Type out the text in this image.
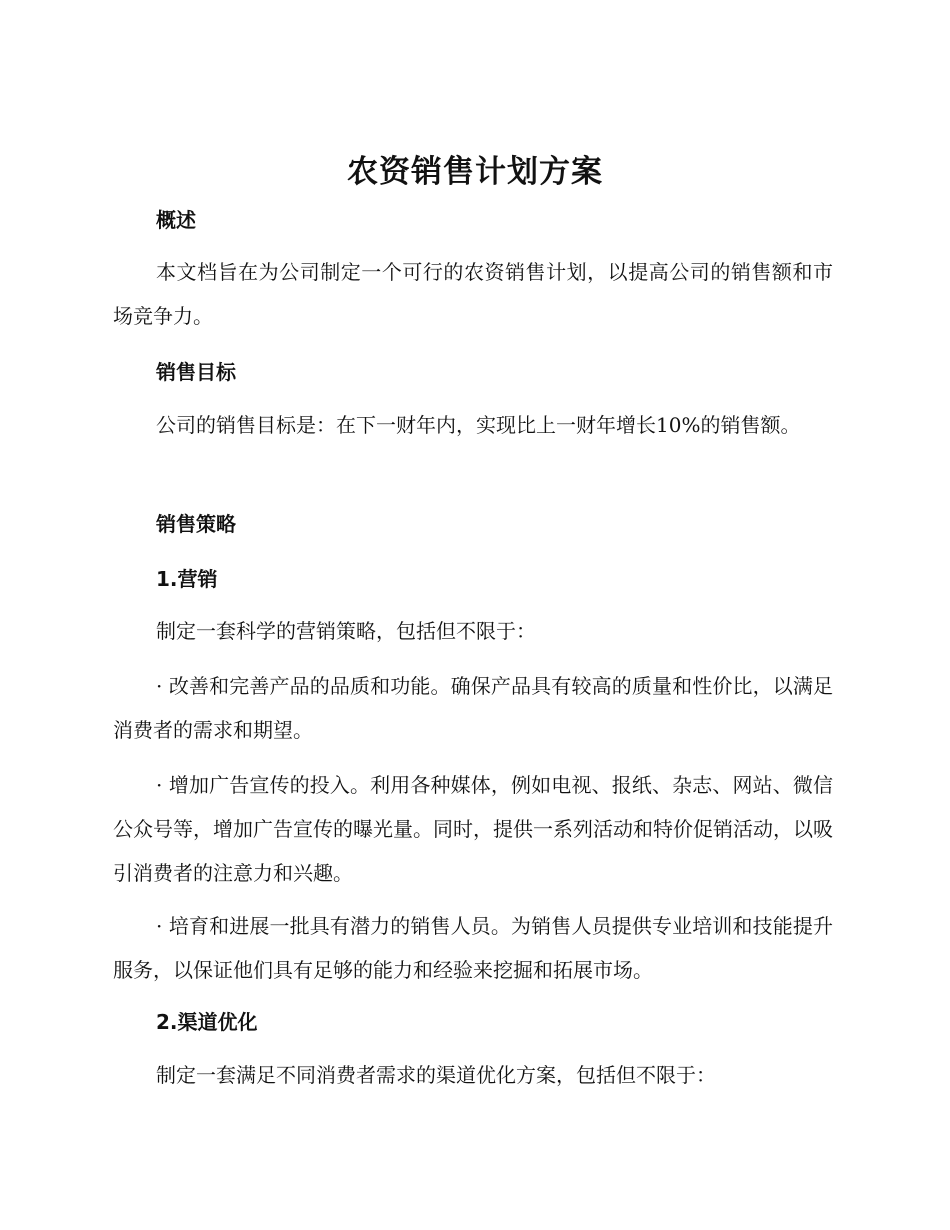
农资销售计划方案
概述
本文档旨在为公司制定一个可行的农资销售计划，以提高公司的销售额和市场竞争力。
销售目标
公司的销售目标是：在下一财年内，实现比上一财年增长10%的销售额。
销售策略
1.营销
制定一套科学的营销策略，包括但不限于：
· 改善和完善产品的品质和功能。确保产品具有较高的质量和性价比，以满足消费者的需求和期望。
· 增加广告宣传的投入。利用各种媒体，例如电视、报纸、杂志、网站、微信公众号等，增加广告宣传的曝光量。同时，提供一系列活动和特价促销活动，以吸引消费者的注意力和兴趣。
· 培育和进展一批具有潜力的销售人员。为销售人员提供专业培训和技能提升服务，以保证他们具有足够的能力和经验来挖掘和拓展市场。
2.渠道优化
制定一套满足不同消费者需求的渠道优化方案，包括但不限于：
